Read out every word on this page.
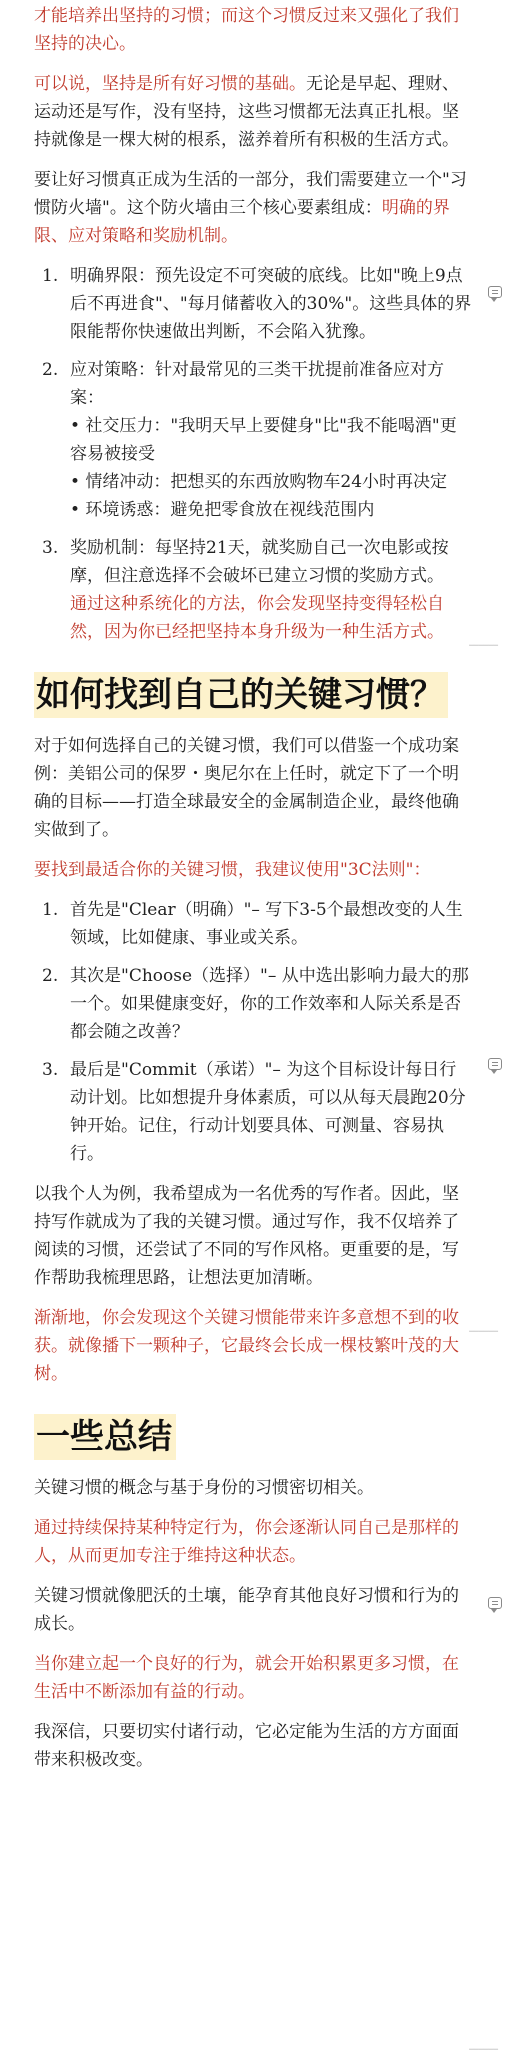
才能培养出坚持的习惯；而这个习惯反过来又强化了我们坚持的决心。

可以说，坚持是所有好习惯的基础。无论是早起、理财、运动还是写作，没有坚持，这些习惯都无法真正扎根。坚持就像是一棵大树的根系，滋养着所有积极的生活方式。

要让好习惯真正成为生活的一部分，我们需要建立一个"习惯防火墙"。这个防火墙由三个核心要素组成：明确的界限、应对策略和奖励机制。

1. 明确界限：预先设定不可突破的底线。比如"晚上9点后不再进食"、"每月储蓄收入的30%"。这些具体的界限能帮你快速做出判断，不会陷入犹豫。
2. 应对策略：针对最常见的三类干扰提前准备应对方案：
• 社交压力："我明天早上要健身"比"我不能喝酒"更容易被接受
• 情绪冲动：把想买的东西放购物车24小时再决定
• 环境诱惑：避免把零食放在视线范围内
3. 奖励机制：每坚持21天，就奖励自己一次电影或按摩，但注意选择不会破坏已建立习惯的奖励方式。
通过这种系统化的方法，你会发现坚持变得轻松自然，因为你已经把坚持本身升级为一种生活方式。
如何找到自己的关键习惯？

对于如何选择自己的关键习惯，我们可以借鉴一个成功案例：美铝公司的保罗・奥尼尔在上任时，就定下了一个明确的目标——打造全球最安全的金属制造企业，最终他确实做到了。

要找到最适合你的关键习惯，我建议使用"3C法则"：

1. 首先是"Clear（明确）"– 写下3-5个最想改变的人生领域，比如健康、事业或关系。
2. 其次是"Choose（选择）"– 从中选出影响力最大的那一个。如果健康变好，你的工作效率和人际关系是否都会随之改善？
3. 最后是"Commit（承诺）"– 为这个目标设计每日行动计划。比如想提升身体素质，可以从每天晨跑20分钟开始。记住，行动计划要具体、可测量、容易执行。

以我个人为例，我希望成为一名优秀的写作者。因此，坚持写作就成为了我的关键习惯。通过写作，我不仅培养了阅读的习惯，还尝试了不同的写作风格。更重要的是，写作帮助我梳理思路，让想法更加清晰。

渐渐地，你会发现这个关键习惯能带来许多意想不到的收获。就像播下一颗种子，它最终会长成一棵枝繁叶茂的大树。

一些总结

关键习惯的概念与基于身份的习惯密切相关。

通过持续保持某种特定行为，你会逐渐认同自己是那样的人，从而更加专注于维持这种状态。

关键习惯就像肥沃的土壤，能孕育其他良好习惯和行为的成长。

当你建立起一个良好的行为，就会开始积累更多习惯，在生活中不断添加有益的行动。

我深信，只要切实付诸行动，它必定能为生活的方方面面带来积极改变。

━━━━━━
━━━━━━
━━━━━━
